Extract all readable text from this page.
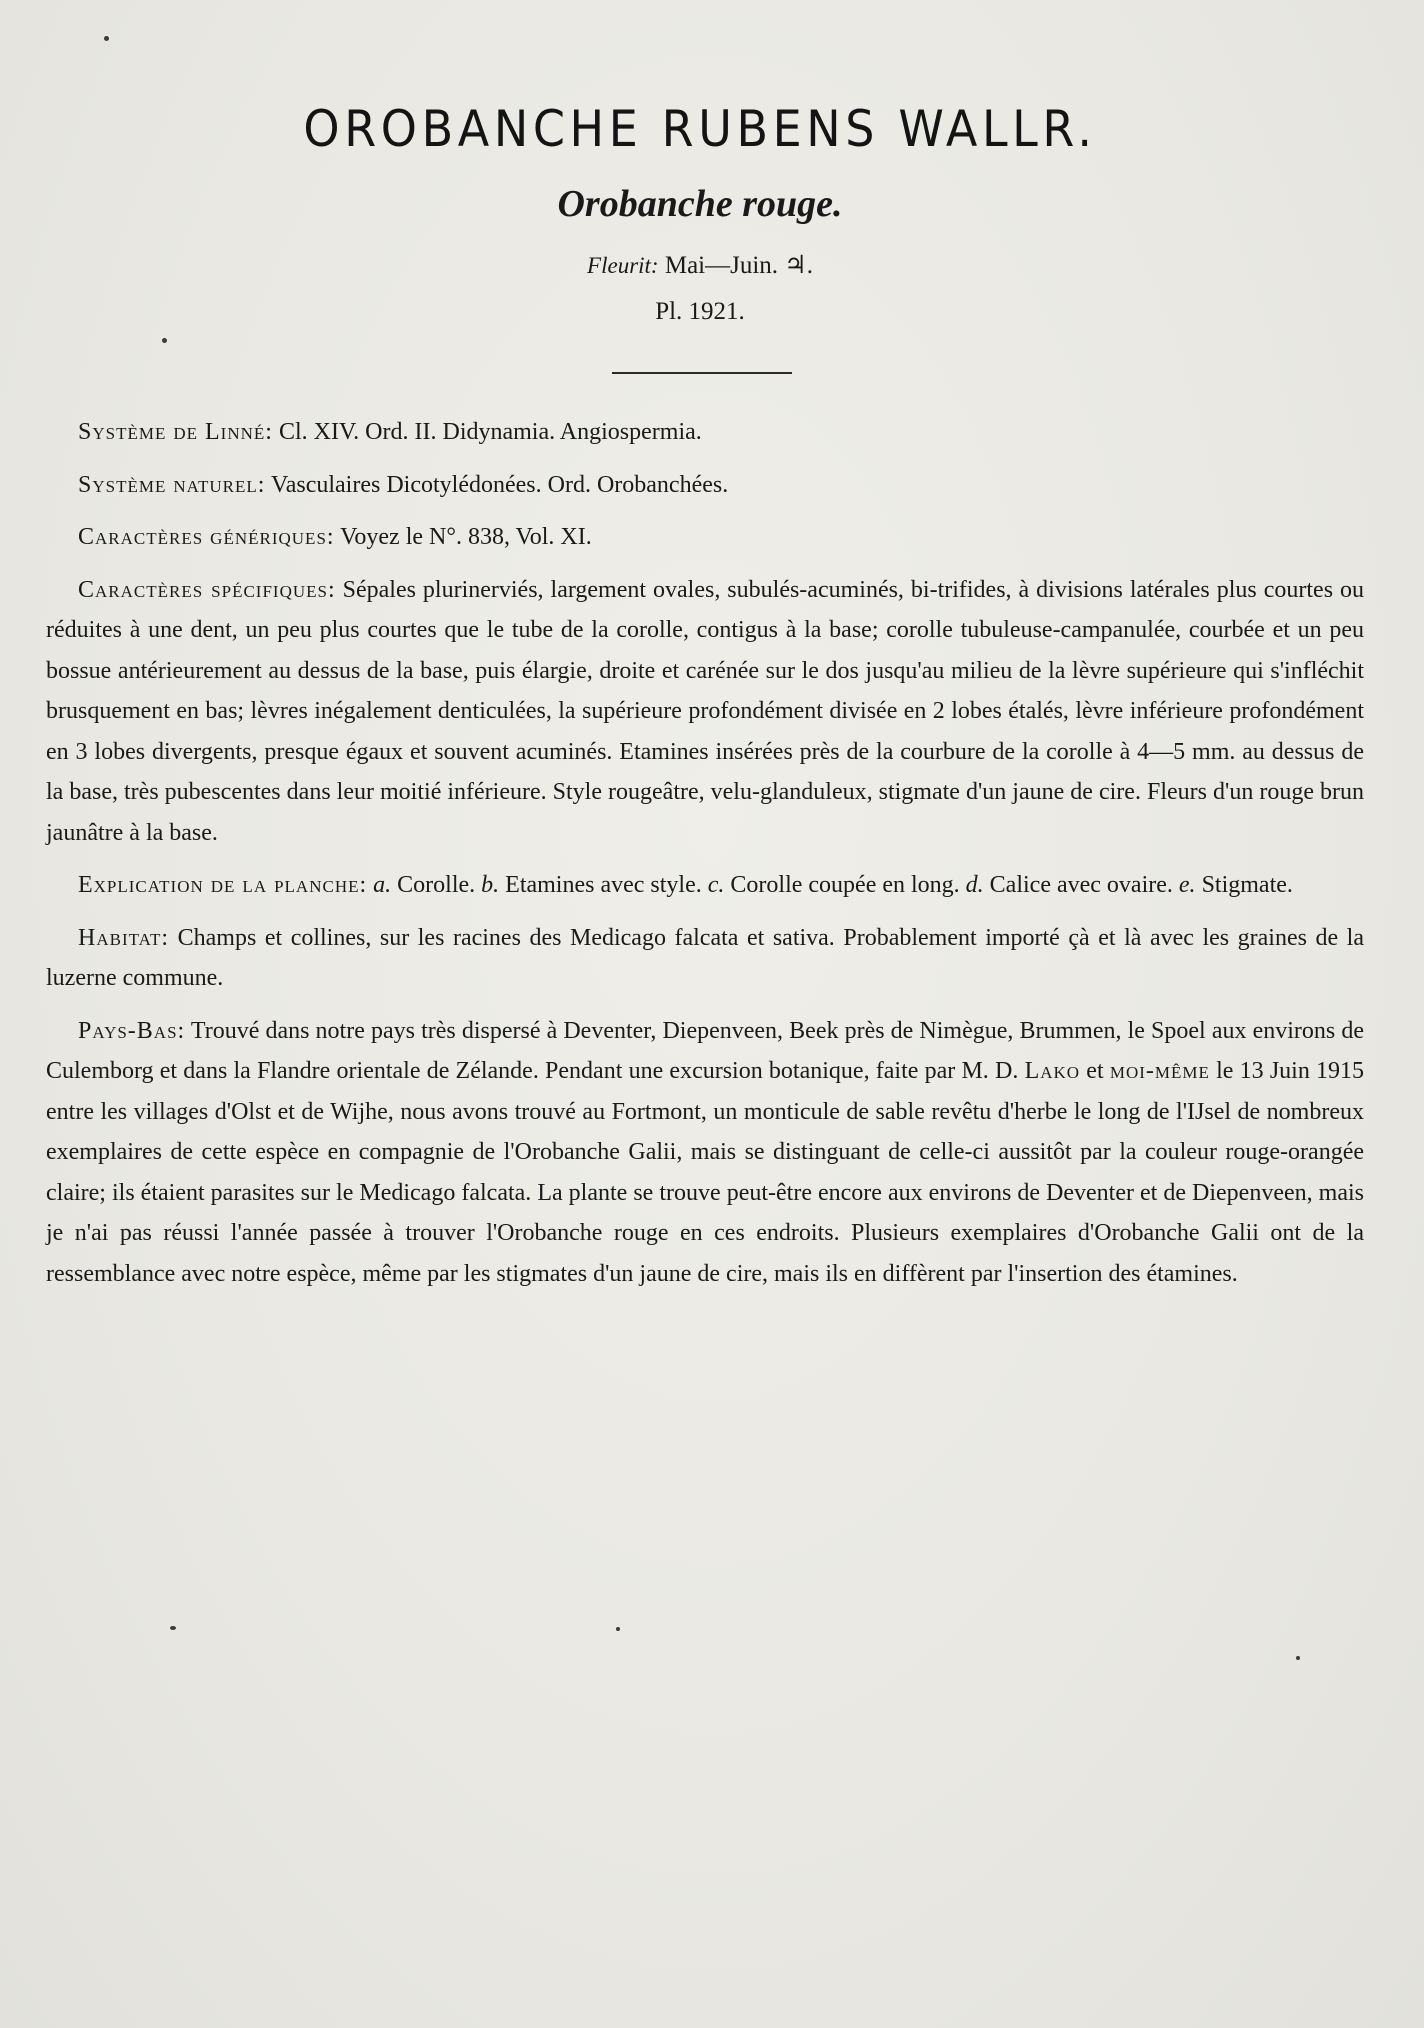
OROBANCHE RUBENS WALLR.
Orobanche rouge.
Fleurit: Mai—Juin. ♃.
Pl. 1921.

Système de Linné: Cl. XIV. Ord. II. Didynamia. Angiospermia.

Système naturel: Vasculaires Dicotylédonées. Ord. Orobanchées.

Caractères génériques: Voyez le N°. 838, Vol. XI.

Caractères spécifiques: Sépales plurinerviés, largement ovales, subulés-acuminés, bi-trifides, à divisions latérales plus courtes ou réduites à une dent, un peu plus courtes que le tube de la corolle, contigus à la base; corolle tubuleuse-campanulée, courbée et un peu bossue antérieurement au dessus de la base, puis élargie, droite et carénée sur le dos jusqu'au milieu de la lèvre supérieure qui s'infléchit brusquement en bas; lèvres inégalement denticulées, la supérieure profondément divisée en 2 lobes étalés, lèvre inférieure profondément en 3 lobes divergents, presque égaux et souvent acuminés. Etamines insérées près de la courbure de la corolle à 4—5 mm. au dessus de la base, très pubescentes dans leur moitié inférieure. Style rougeâtre, velu-glanduleux, stigmate d'un jaune de cire. Fleurs d'un rouge brun jaunâtre à la base.

Explication de la planche: a. Corolle. b. Etamines avec style. c. Corolle coupée en long. d. Calice avec ovaire. e. Stigmate.

Habitat: Champs et collines, sur les racines des Medicago falcata et sativa. Probablement importé çà et là avec les graines de la luzerne commune.

Pays-Bas: Trouvé dans notre pays très dispersé à Deventer, Diepenveen, Beek près de Nimègue, Brummen, le Spoel aux environs de Culemborg et dans la Flandre orientale de Zélande. Pendant une excursion botanique, faite par M. D. Lako et moi-même le 13 Juin 1915 entre les villages d'Olst et de Wijhe, nous avons trouvé au Fortmont, un monticule de sable revêtu d'herbe le long de l'IJsel de nombreux exemplaires de cette espèce en compagnie de l'Orobanche Galii, mais se distinguant de celle-ci aussitôt par la couleur rouge-orangée claire; ils étaient parasites sur le Medicago falcata. La plante se trouve peut-être encore aux environs de Deventer et de Diepenveen, mais je n'ai pas réussi l'année passée à trouver l'Orobanche rouge en ces endroits. Plusieurs exemplaires d'Orobanche Galii ont de la ressemblance avec notre espèce, même par les stigmates d'un jaune de cire, mais ils en diffèrent par l'insertion des étamines.
